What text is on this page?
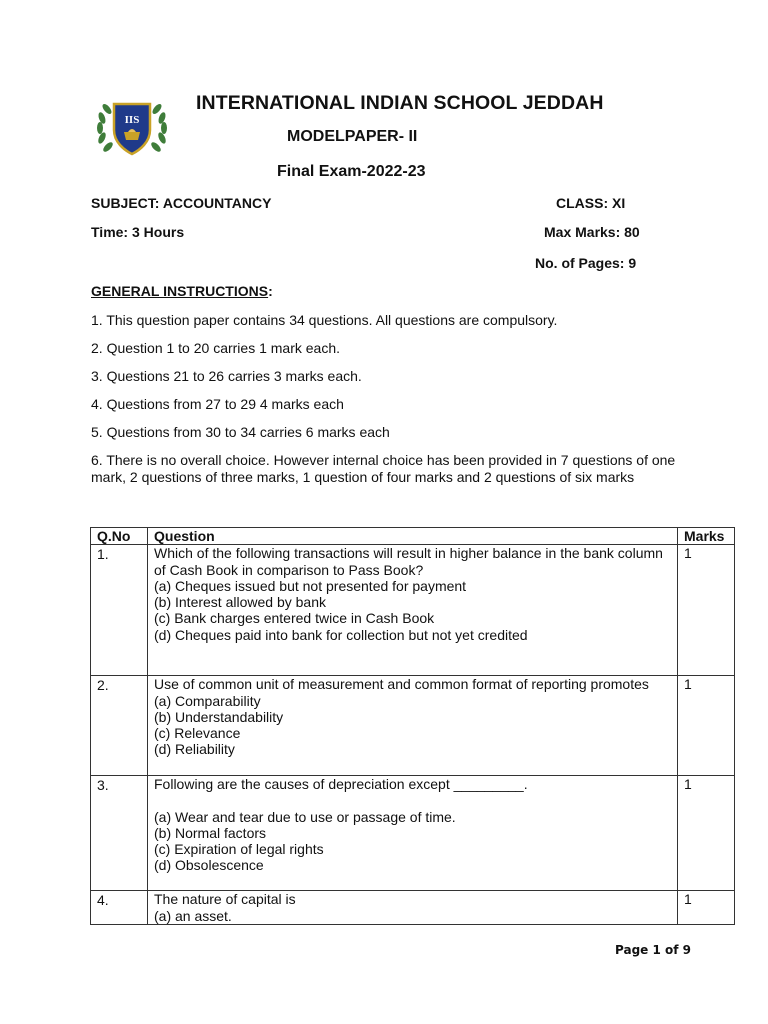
IIS
INTERNATIONAL INDIAN SCHOOL JEDDAH
MODELPAPER- II
Final Exam-2022-23
SUBJECT: ACCOUNTANCY	CLASS: XI
Time: 3 Hours	Max Marks: 80
No. of Pages: 9
GENERAL INSTRUCTIONS:
1. This question paper contains 34 questions. All questions are compulsory.
2. Question 1 to 20 carries 1 mark each.
3. Questions 21 to 26 carries 3 marks each.
4. Questions from 27 to 29 4 marks each
5. Questions from 30 to 34 carries 6 marks each
6. There is no overall choice. However internal choice has been provided in 7 questions of one mark, 2 questions of three marks, 1 question of four marks and 2 questions of six marks
Q.No	Question	Marks

1.	Which of the following transactions will result in higher balance in the bank column of Cash Book in comparison to Pass Book?
(a) Cheques issued but not presented for payment
(b) Interest allowed by bank
(c) Bank charges entered twice in Cash Book
(d) Cheques paid into bank for collection but not yet credited	1

2.	Use of common unit of measurement and common format of reporting promotes
(a) Comparability
(b) Understandability
(c) Relevance
(d) Reliability	1

3.	Following are the causes of depreciation except _________.
(a) Wear and tear due to use or passage of time.
(b) Normal factors
(c) Expiration of legal rights
(d) Obsolescence	1

4.	The nature of capital is
(a) an asset.	1
Page 1 of 9
